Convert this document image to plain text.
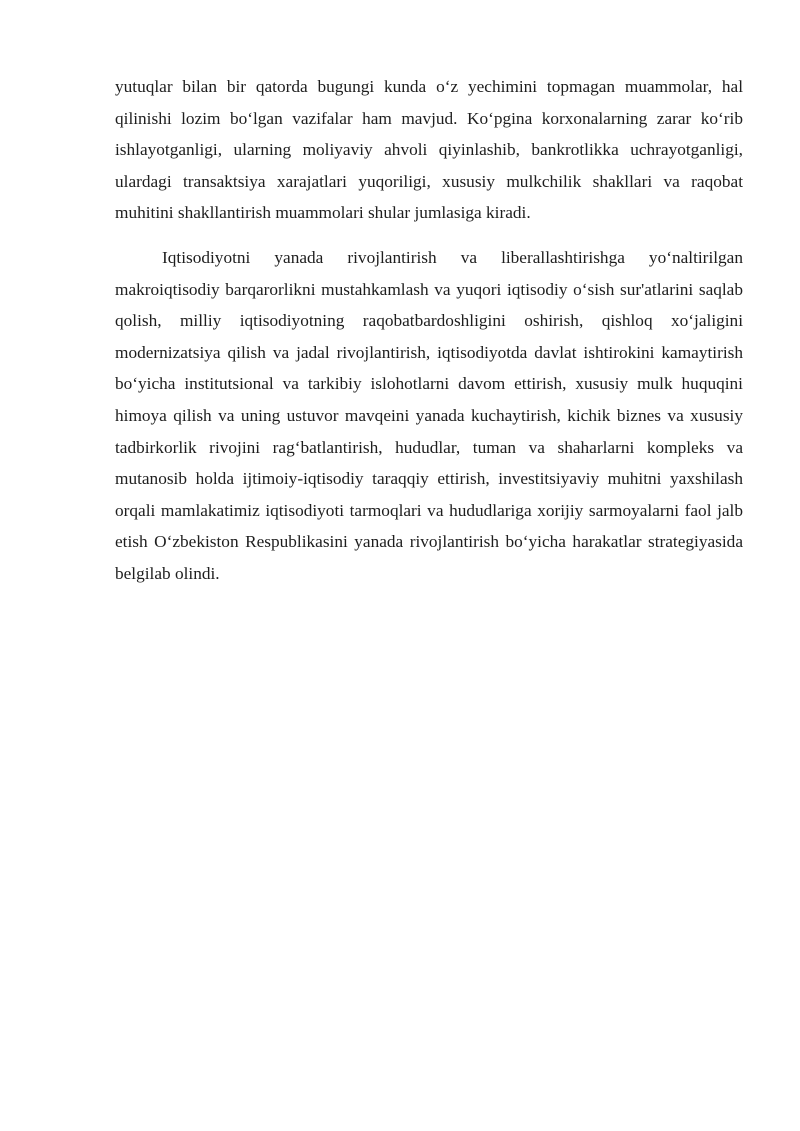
yutuqlar bilan bir qatorda bugungi kunda o‘z yechimini topmagan muammolar, hal qilinishi lozim bo‘lgan vazifalar ham mavjud. Ko‘pgina korxonalarning zarar ko‘rib ishlayotganligi, ularning moliyaviy ahvoli qiyinlashib, bankrotlikka uchrayotganligi, ulardagi transaktsiya xarajatlari yuqoriligi, xususiy mulkchilik shakllari va raqobat muhitini shakllantirish muammolari shular jumlasiga kiradi.

Iqtisodiyotni yanada rivojlantirish va liberallashtirishga yo‘naltirilgan makroiqtisodiy barqarorlikni mustahkamlash va yuqori iqtisodiy o‘sish sur'atlarini saqlab qolish, milliy iqtisodiyotning raqobatbardoshligini oshirish, qishloq xo‘jaligini modernizatsiya qilish va jadal rivojlantirish, iqtisodiyotda davlat ishtirokini kamaytirish bo‘yicha institutsional va tarkibiy islohotlarni davom ettirish, xususiy mulk huquqini himoya qilish va uning ustuvor mavqeini yanada kuchaytirish, kichik biznes va xususiy tadbirkorlik rivojini rag‘batlantirish, hududlar, tuman va shaharlarni kompleks va mutanosib holda ijtimoiy-iqtisodiy taraqqiy ettirish, investitsiyaviy muhitni yaxshilash orqali mamlakatimiz iqtisodiyoti tarmoqlari va hududlariga xorijiy sarmoyalarni faol jalb etish O‘zbekiston Respublikasini yanada rivojlantirish bo‘yicha harakatlar strategiyasida belgilab olindi.
